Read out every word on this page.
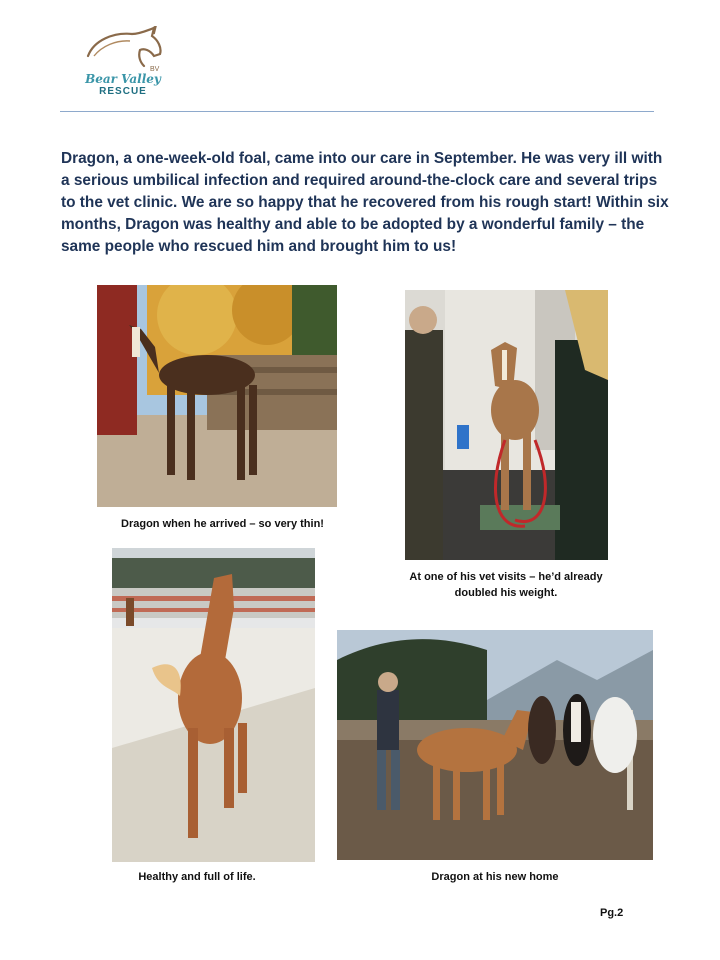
Bear Valley
RESCUE
BV

Dragon, a one-week-old foal, came into our care in September. He was very ill with a serious umbilical infection and required around-the-clock care and several trips to the vet clinic. We are so happy that he recovered from his rough start! Within six months, Dragon was healthy and able to be adopted by a wonderful family – the same people who rescued him and brought him to us!

Dragon when he arrived – so very thin!
At one of his vet visits – he’d already doubled his weight.
Healthy and full of life.	Dragon at his new home
Pg.2
